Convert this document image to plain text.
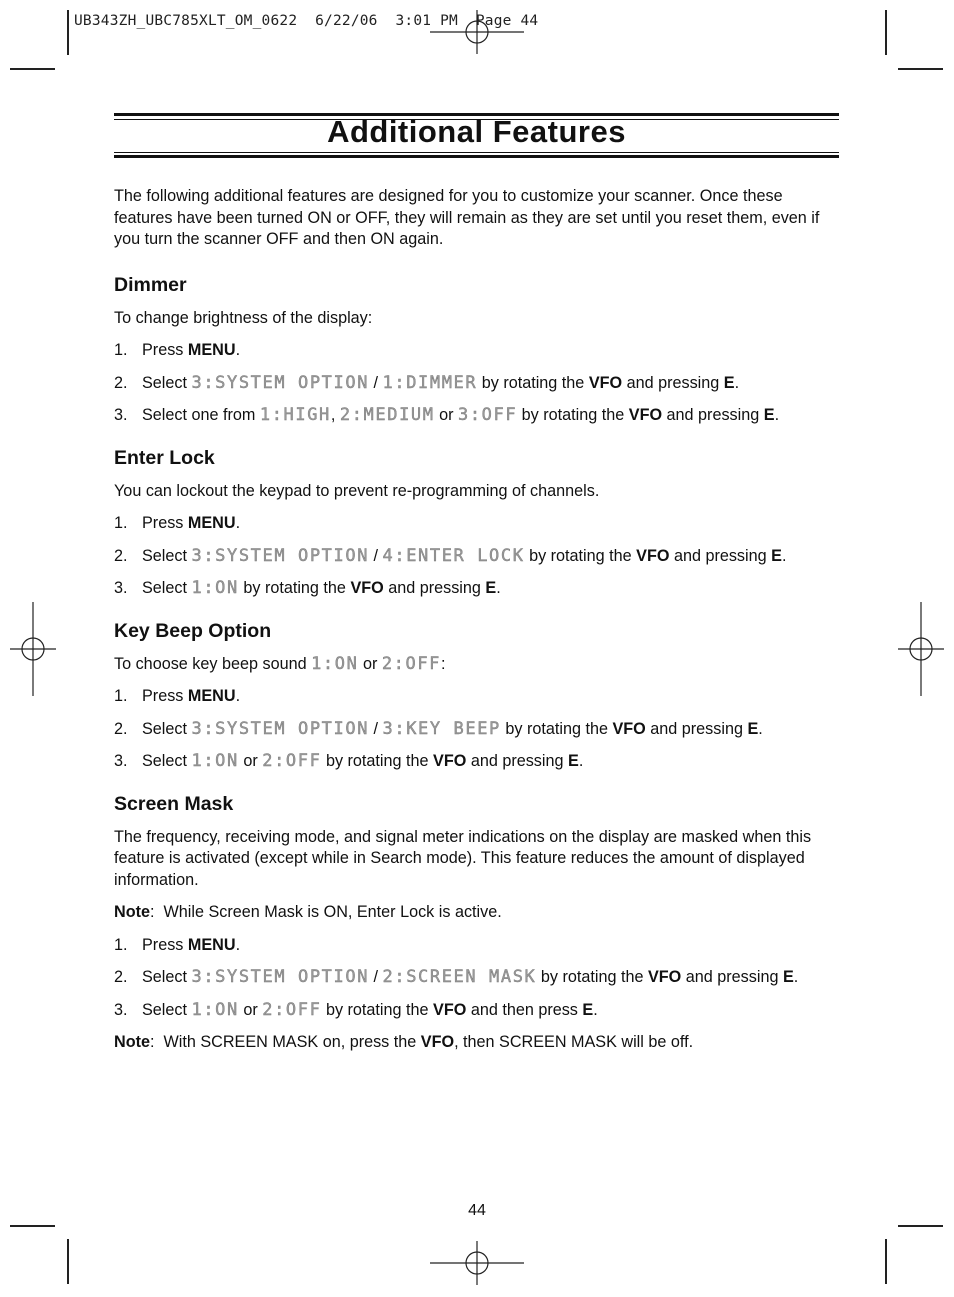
UB343ZH_UBC785XLT_OM_0622  6/22/06  3:01 PM  Page 44
Additional Features

The following additional features are designed for you to customize your scanner. Once these features have been turned ON or OFF, they will remain as they are set until you reset them, even if you turn the scanner OFF and then ON again.

Dimmer

To change brightness of the display:

1. Press MENU.
2. Select 3:SYSTEM OPTION / 1:DIMMER by rotating the VFO and pressing E.
3. Select one from 1:HIGH, 2:MEDIUM or 3:OFF by rotating the VFO and pressing E.
Enter Lock

You can lockout the keypad to prevent re-programming of channels.

1. Press MENU.
2. Select 3:SYSTEM OPTION / 4:ENTER LOCK by rotating the VFO and pressing E.
3. Select 1:ON by rotating the VFO and pressing E.
Key Beep Option

To choose key beep sound 1:ON or 2:OFF:

1. Press MENU.
2. Select 3:SYSTEM OPTION / 3:KEY BEEP by rotating the VFO and pressing E.
3. Select 1:ON or 2:OFF by rotating the VFO and pressing E.
Screen Mask

The frequency, receiving mode, and signal meter indications on the display are masked when this feature is activated (except while in Search mode). This feature reduces the amount of displayed information.

Note: While Screen Mask is ON, Enter Lock is active.

1. Press MENU.
2. Select 3:SYSTEM OPTION / 2:SCREEN MASK by rotating the VFO and pressing E.
3. Select 1:ON or 2:OFF by rotating the VFO and then press E.

Note: With SCREEN MASK on, press the VFO, then SCREEN MASK will be off.

44
